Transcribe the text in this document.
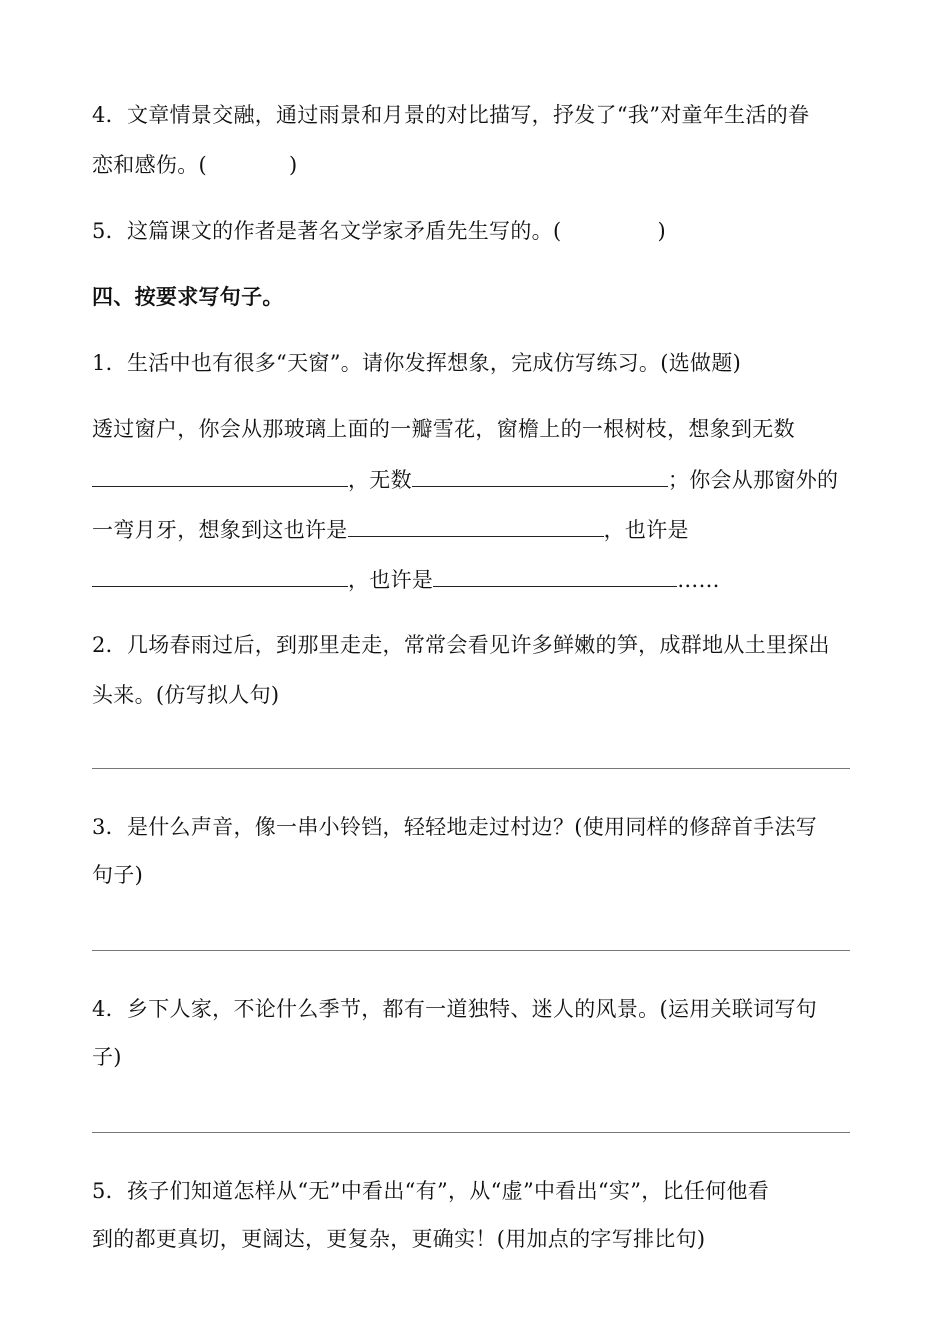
4．文章情景交融，通过雨景和月景的对比描写，抒发了“我”对童年生活的眷
恋和感伤。(	)
5．这篇课文的作者是著名文学家矛盾先生写的。(	)
四、按要求写句子。
1．生活中也有很多“天窗”。请你发挥想象，完成仿写练习。(选做题)
透过窗户，你会从那玻璃上面的一瓣雪花，窗檐上的一根树枝，想象到无数
，无数	；你会从那窗外的
一弯月牙，想象到这也许是	，也许是
，也许是	……
2．几场春雨过后，到那里走走，常常会看见许多鲜嫩的笋，成群地从土里探出
头来。(仿写拟人句)
3．是什么声音，像一串小铃铛，轻轻地走过村边？(使用同样的修辞首手法写
句子)
4．乡下人家，不论什么季节，都有一道独特、迷人的风景。(运用关联词写句
子)
5．孩子们知道怎样从“无”中看出“有”，从“虚”中看出“实”，比任何他看
到的都更真切，更阔达，更复杂，更确实！(用加点的字写排比句)
